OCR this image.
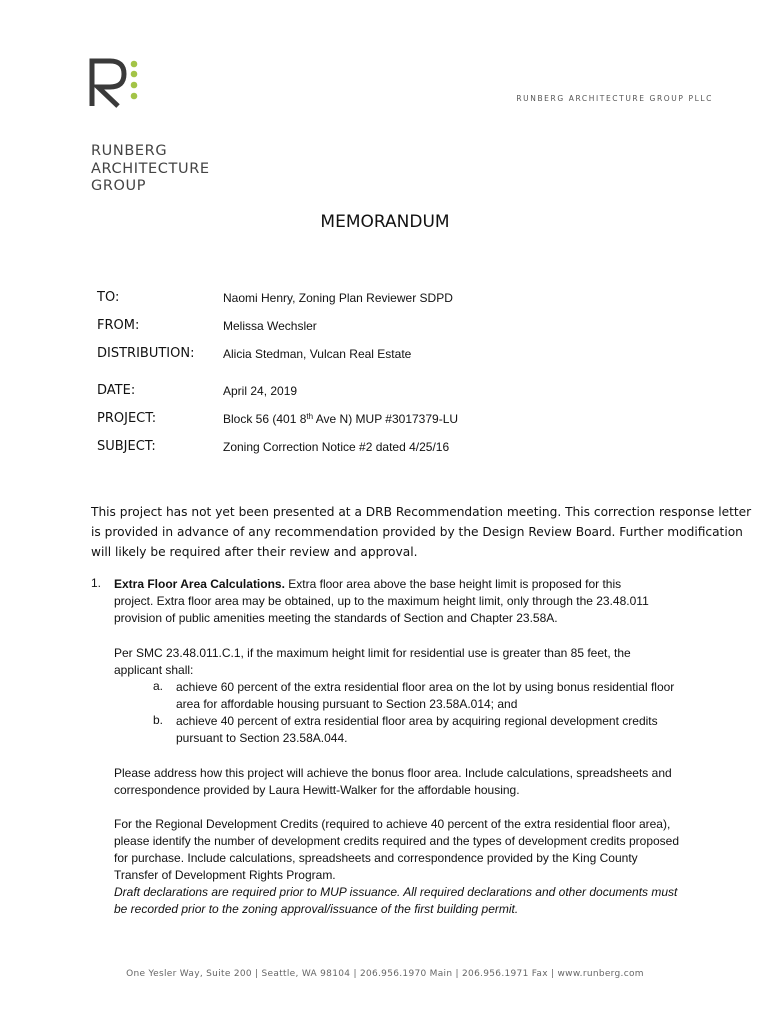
RUNBERG ARCHITECTURE GROUP PLLC
RUNBERG
ARCHITECTURE
GROUP
MEMORANDUM
TO:	Naomi Henry, Zoning Plan Reviewer SDPD
FROM:	Melissa Wechsler
DISTRIBUTION: Alicia Stedman, Vulcan Real Estate
DATE:	April 24, 2019
PROJECT:	Block 56 (401 8th Ave N) MUP #3017379-LU
SUBJECT:	Zoning Correction Notice #2 dated 4/25/16
This project has not yet been presented at a DRB Recommendation meeting. This correction response letter
is provided in advance of any recommendation provided by the Design Review Board. Further modification
will likely be required after their review and approval.
1. Extra Floor Area Calculations. Extra floor area above the base height limit is proposed for this
project. Extra floor area may be obtained, up to the maximum height limit, only through the 23.48.011
provision of public amenities meeting the standards of Section and Chapter 23.58A.
Per SMC 23.48.011.C.1, if the maximum height limit for residential use is greater than 85 feet, the
applicant shall:
a. achieve 60 percent of the extra residential floor area on the lot by using bonus residential floor
area for affordable housing pursuant to Section 23.58A.014; and
b. achieve 40 percent of extra residential floor area by acquiring regional development credits
pursuant to Section 23.58A.044.
Please address how this project will achieve the bonus floor area. Include calculations, spreadsheets and
correspondence provided by Laura Hewitt-Walker for the affordable housing.
For the Regional Development Credits (required to achieve 40 percent of the extra residential floor area),
please identify the number of development credits required and the types of development credits proposed
for purchase. Include calculations, spreadsheets and correspondence provided by the King County
Transfer of Development Rights Program.
Draft declarations are required prior to MUP issuance. All required declarations and other documents must
be recorded prior to the zoning approval/issuance of the first building permit.
One Yesler Way, Suite 200 | Seattle, WA 98104 | 206.956.1970 Main | 206.956.1971 Fax | www.runberg.com
